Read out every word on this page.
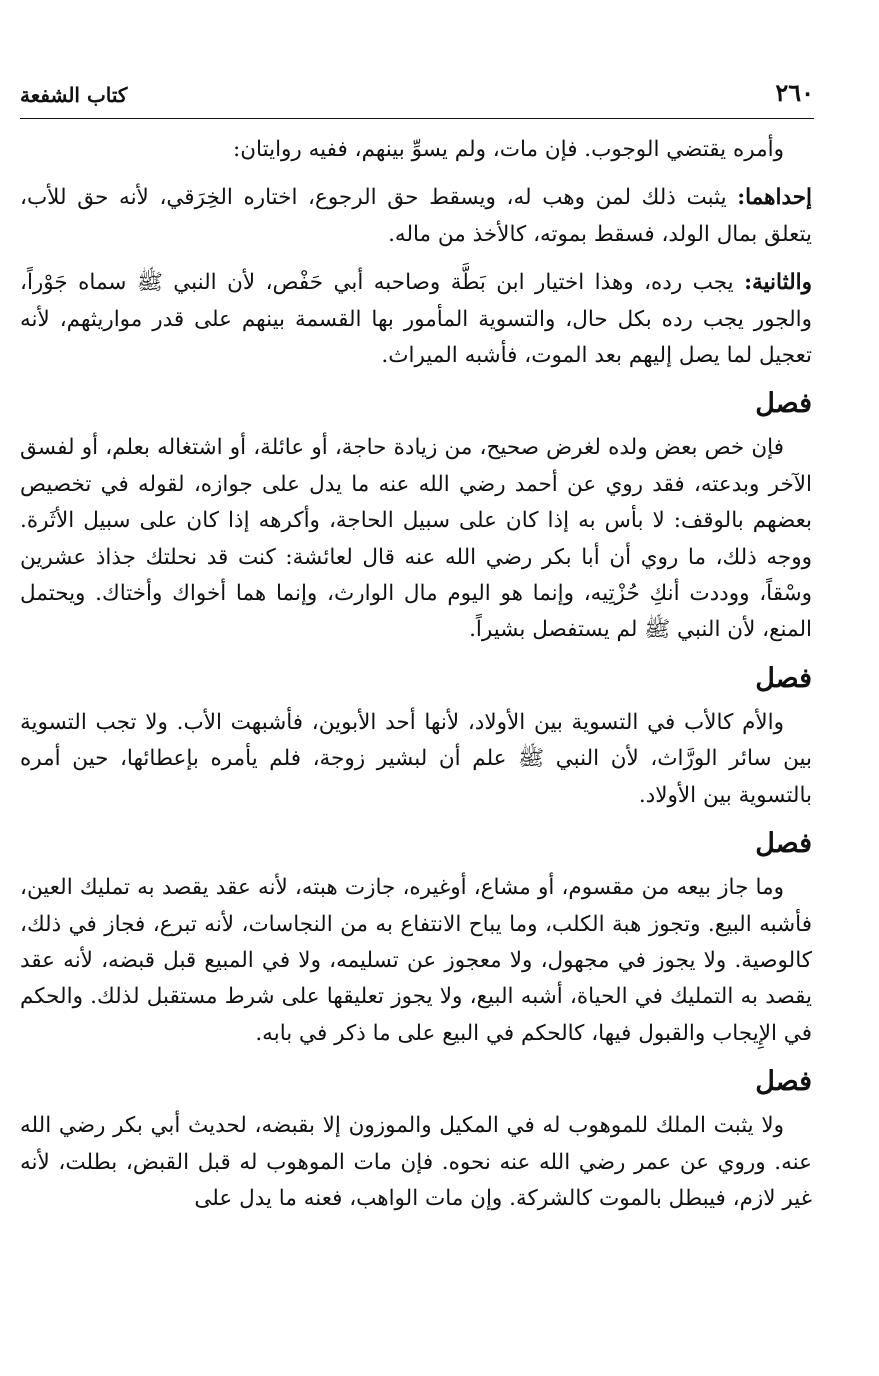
٢٦٠
كتاب الشفعة

وأمره يقتضي الوجوب. فإن مات، ولم يسوِّ بينهم، ففيه روايتان:

إحداهما: يثبت ذلك لمن وهب له، ويسقط حق الرجوع، اختاره الخِرَقي، لأنه حق للأب، يتعلق بمال الولد، فسقط بموته، كالأخذ من ماله.

والثانية: يجب رده، وهذا اختيار ابن بَطَّة وصاحبه أبي حَفْص، لأن النبي ﷺ سماه جَوْراً، والجور يجب رده بكل حال، والتسوية المأمور بها القسمة بينهم على قدر مواريثهم، لأنه تعجيل لما يصل إليهم بعد الموت، فأشبه الميراث.

فصل

فإن خص بعض ولده لغرض صحيح، من زيادة حاجة، أو عائلة، أو اشتغاله بعلم، أو لفسق الآخر وبدعته، فقد روي عن أحمد رضي الله عنه ما يدل على جوازه، لقوله في تخصيص بعضهم بالوقف: لا بأس به إذا كان على سبيل الحاجة، وأكرهه إذا كان على سبيل الأثَرة. ووجه ذلك، ما روي أن أبا بكر رضي الله عنه قال لعائشة: كنت قد نحلتك جذاذ عشرين وسْقاً، ووددت أنكِ حُزْتِيه، وإنما هو اليوم مال الوارث، وإنما هما أخواك وأختاك. ويحتمل المنع، لأن النبي ﷺ لم يستفصل بشيراً.

فصل

والأم كالأب في التسوية بين الأولاد، لأنها أحد الأبوين، فأشبهت الأب. ولا تجب التسوية بين سائر الورَّاث، لأن النبي ﷺ علم أن لبشير زوجة، فلم يأمره بإعطائها، حين أمره بالتسوية بين الأولاد.

فصل

وما جاز بيعه من مقسوم، أو مشاع، أوغيره، جازت هبته، لأنه عقد يقصد به تمليك العين، فأشبه البيع. وتجوز هبة الكلب، وما يباح الانتفاع به من النجاسات، لأنه تبرع، فجاز في ذلك، كالوصية. ولا يجوز في مجهول، ولا معجوز عن تسليمه، ولا في المبيع قبل قبضه، لأنه عقد يقصد به التمليك في الحياة، أشبه البيع، ولا يجوز تعليقها على شرط مستقبل لذلك. والحكم في الإِيجاب والقبول فيها، كالحكم في البيع على ما ذكر في بابه.

فصل

ولا يثبت الملك للموهوب له في المكيل والموزون إلا بقبضه، لحديث أبي بكر رضي الله عنه. وروي عن عمر رضي الله عنه نحوه. فإن مات الموهوب له قبل القبض، بطلت، لأنه غير لازم، فيبطل بالموت كالشركة. وإن مات الواهب، فعنه ما يدل على
